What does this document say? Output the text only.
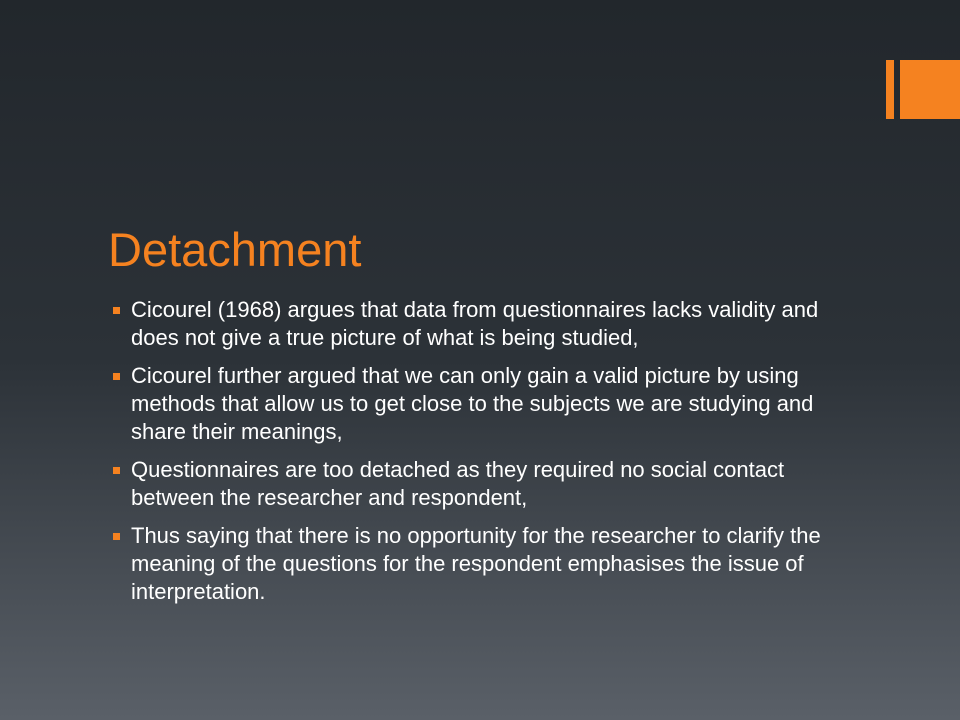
Detachment
Cicourel (1968) argues that data from questionnaires lacks validity and does not give a true picture of what is being studied,
Cicourel further argued that we can only gain a valid picture by using methods that allow us to get close to the subjects we are studying and share their meanings,
Questionnaires are too detached as they required no social contact between the researcher and respondent,
Thus saying that there is no opportunity for the researcher to clarify the meaning of the questions for the respondent emphasises the issue of interpretation.
